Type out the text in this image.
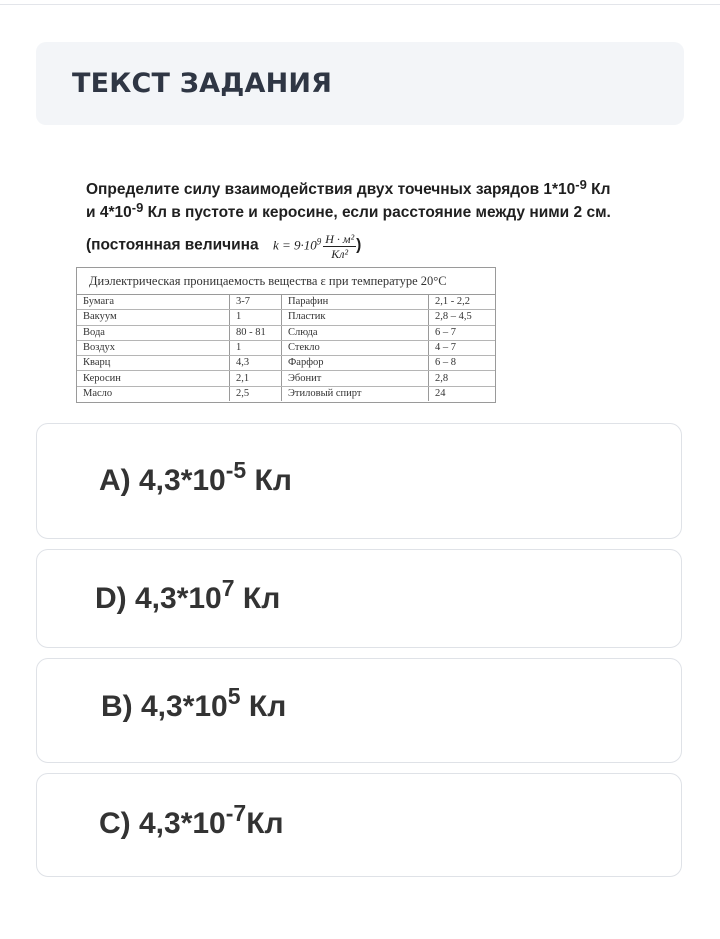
ТЕКСТ ЗАДАНИЯ
Определите силу взаимодействия двух точечных зарядов $1*10^{-9}$ Кл
и $4*10^{-9}$ Кл в пустоте и керосине, если расстояние между ними 2 см.
(постоянная величина $k = 9\cdot 10^9 \frac{\text{H · м²}}{\text{Кл²}}$ )
Диэлектрическая проницаемость вещества ε при температуре 20°С
Бумага	3-7	Парафин	2,1 - 2,2
Вакуум	1	Пластик	2,8 – 4,5
Вода	80 - 81	Слюда	6 – 7
Воздух	1	Стекло	4 – 7
Кварц	4,3	Фарфор	6 – 8
Керосин	2,1	Эбонит	2,8
Масло	2,5	Этиловый спирт	24
A) $4,3*10^{-5}$ Кл
D) $4,3*10^7$ Кл
B) $4,3*10^5$ Кл
C) $4,3*10^{-7}Кл$
